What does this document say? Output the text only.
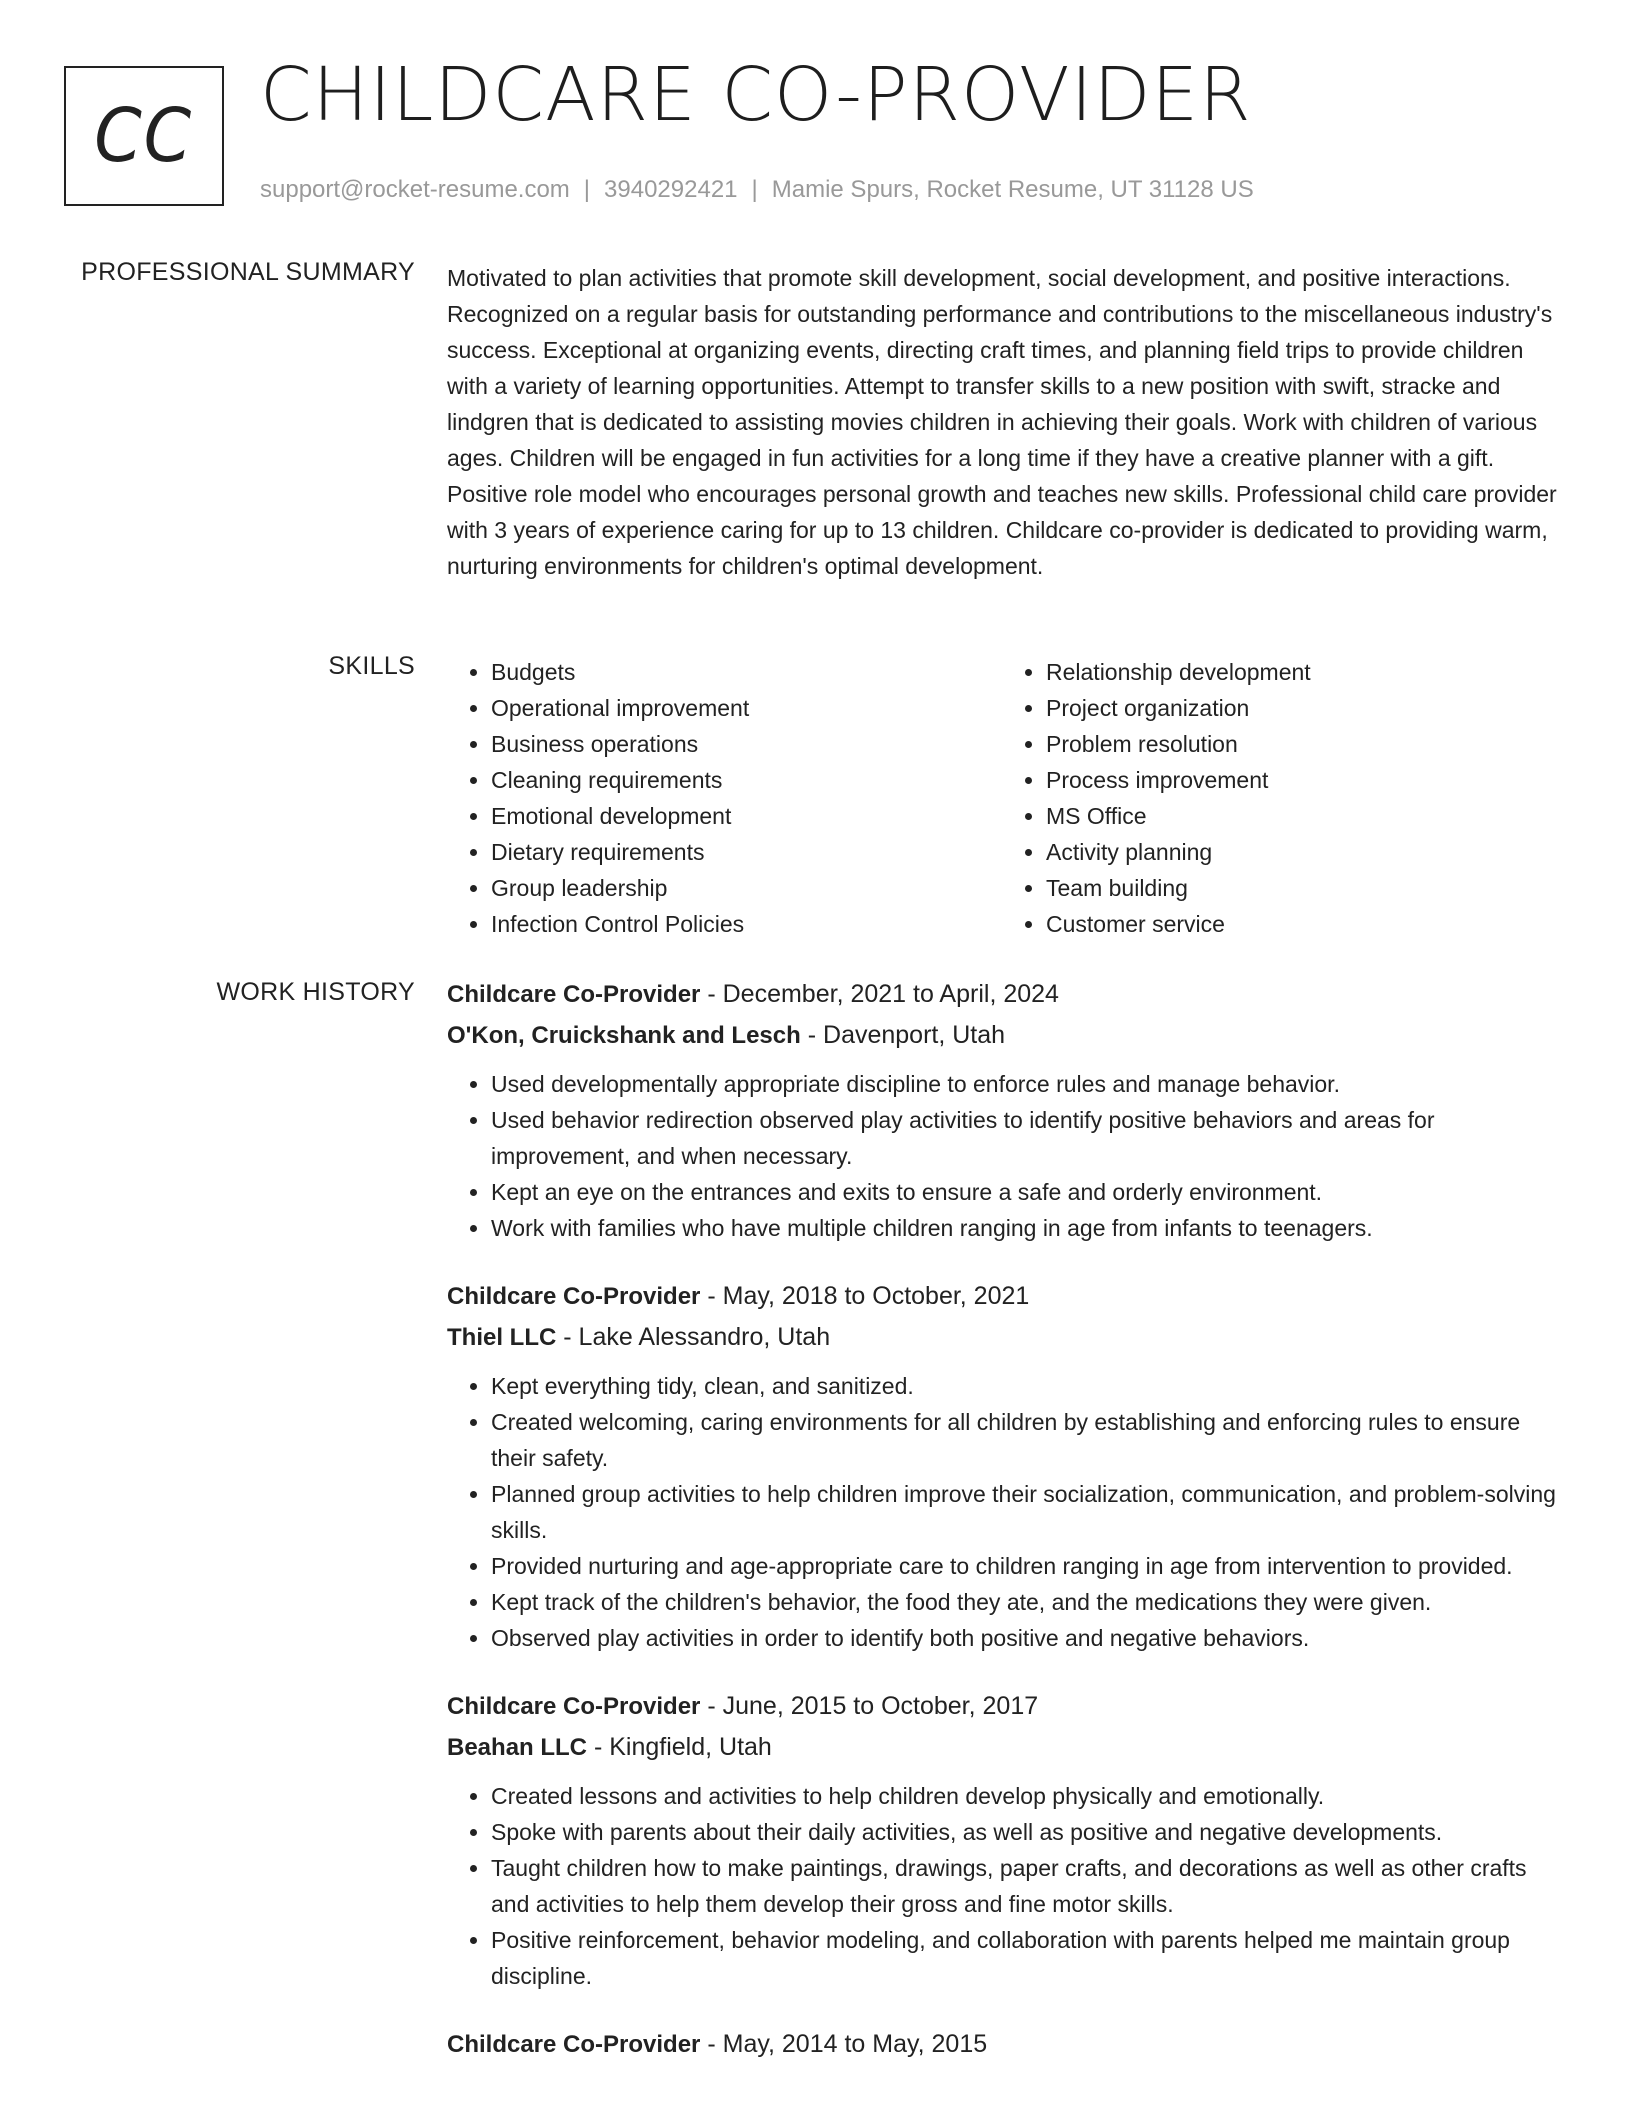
CC CHILDCARE CO-PROVIDER
support@rocket-resume.com | 3940292421 | Mamie Spurs, Rocket Resume, UT 31128 US
PROFESSIONAL SUMMARY Motivated to plan activities that promote skill development, social development, and positive interactions. Recognized on a regular basis for outstanding performance and contributions to the miscellaneous industry's success. Exceptional at organizing events, directing craft times, and planning field trips to provide children with a variety of learning opportunities. Attempt to transfer skills to a new position with swift, stracke and lindgren that is dedicated to assisting movies children in achieving their goals. Work with children of various ages. Children will be engaged in fun activities for a long time if they have a creative planner with a gift. Positive role model who encourages personal growth and teaches new skills. Professional child care provider with 3 years of experience caring for up to 13 children. Childcare co-provider is dedicated to providing warm, nurturing environments for children's optimal development.

SKILLS
•	Budgets
• Operational improvement
• Business operations
• Cleaning requirements
• Emotional development
• Dietary requirements
• Group leadership
• Infection Control Policies
• Relationship development
• Project organization
• Problem resolution
• Process improvement
• MS Office
• Activity planning
• Team building
• Customer service
WORK HISTORY Childcare Co-Provider - December, 2021 to April, 2024
O'Kon, Cruickshank and Lesch - Davenport, Utah
• Used developmentally appropriate discipline to enforce rules and manage behavior.
• Used behavior redirection observed play activities to identify positive behaviors and areas for improvement, and when necessary.
• Kept an eye on the entrances and exits to ensure a safe and orderly environment.
• Work with families who have multiple children ranging in age from infants to teenagers.
Childcare Co-Provider - May, 2018 to October, 2021
Thiel LLC - Lake Alessandro, Utah
• Kept everything tidy, clean, and sanitized.
• Created welcoming, caring environments for all children by establishing and enforcing rules to ensure their safety.
• Planned group activities to help children improve their socialization, communication, and problem-solving skills.
• Provided nurturing and age-appropriate care to children ranging in age from intervention to provided.
• Kept track of the children's behavior, the food they ate, and the medications they were given.
• Observed play activities in order to identify both positive and negative behaviors.
Childcare Co-Provider - June, 2015 to October, 2017
Beahan LLC - Kingfield, Utah
• Created lessons and activities to help children develop physically and emotionally.
• Spoke with parents about their daily activities, as well as positive and negative developments.
• Taught children how to make paintings, drawings, paper crafts, and decorations as well as other crafts and activities to help them develop their gross and fine motor skills.
• Positive reinforcement, behavior modeling, and collaboration with parents helped me maintain group discipline.
Childcare Co-Provider - May, 2014 to May, 2015
